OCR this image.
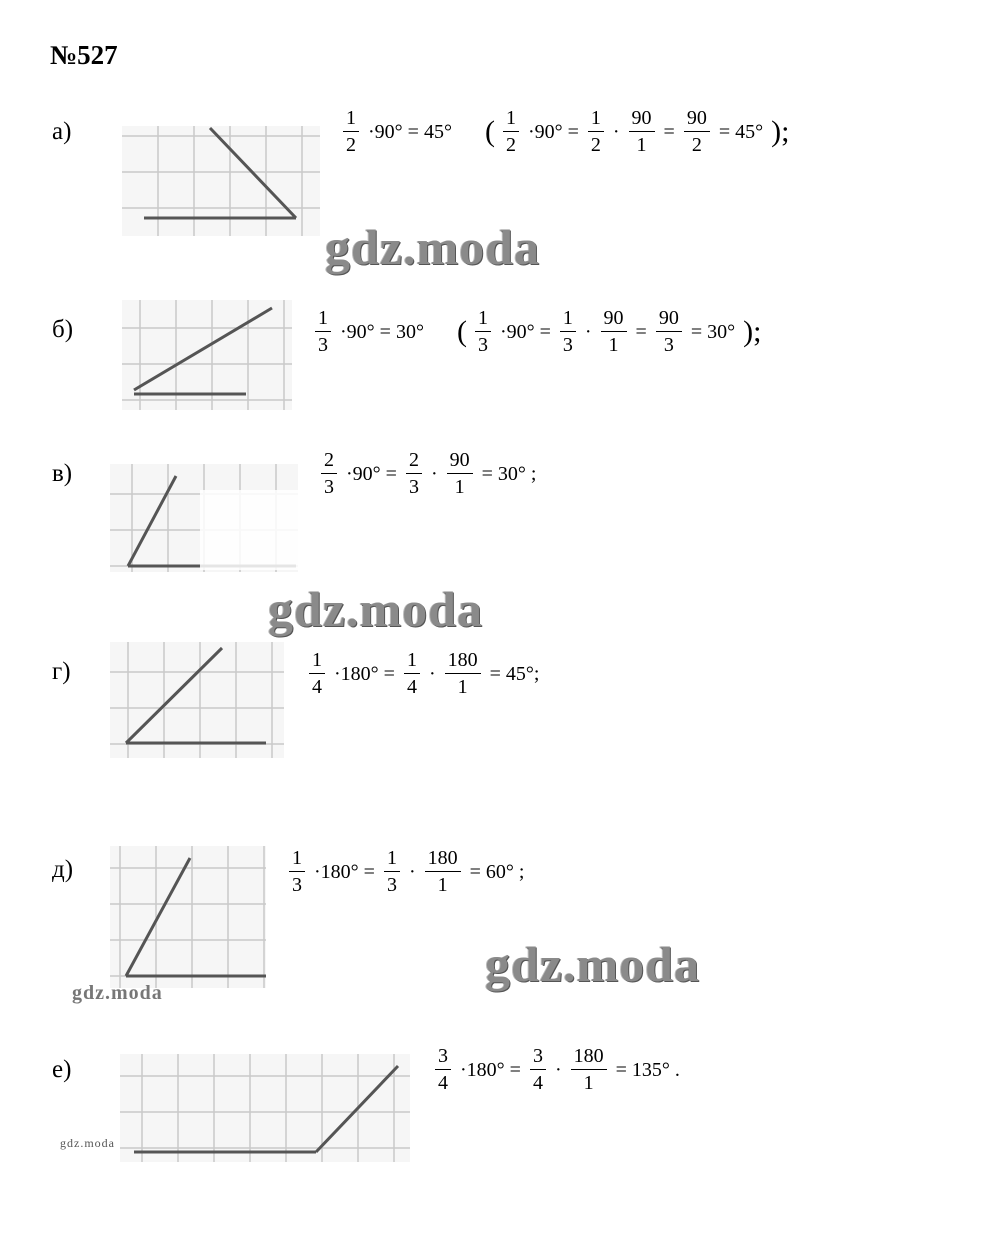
№527
а)	$\frac{1}{2} \cdot 90^\circ = 45^\circ$ ( $\frac{1}{2} \cdot 90^\circ = \frac{1}{2} \cdot \frac{90}{1} = \frac{90}{2} = 45^\circ$ );
gdz.moda
б)	$\frac{1}{3} \cdot 90^\circ = 30^\circ$ ( $\frac{1}{3} \cdot 90^\circ = \frac{1}{3} \cdot \frac{90}{1} = \frac{90}{3} = 30^\circ$ );
в)	$\frac{2}{3} \cdot 90^\circ = \frac{2}{3} \cdot \frac{90}{1} = 30^\circ$ ;
gdz.moda
г)	$\frac{1}{4} \cdot 180^\circ = \frac{1}{4} \cdot \frac{180}{1} = 45^\circ$;
д)	$\frac{1}{3} \cdot 180^\circ = \frac{1}{3} \cdot \frac{180}{1} = 60^\circ$ ;
gdz.moda
gdz.moda
е)
gdz.moda
$\frac{3}{4} \cdot 180^\circ = \frac{3}{4} \cdot \frac{180}{1} = 135^\circ$ .
